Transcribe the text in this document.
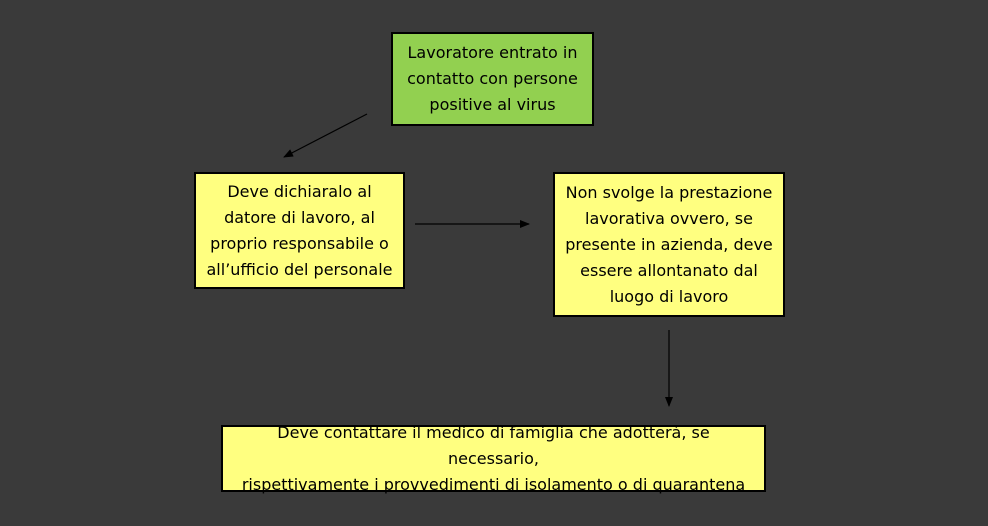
Lavoratore entrato in
contatto con persone
positive al virus
Deve dichiaralo al
datore di lavoro, al
proprio responsabile o
all’ufficio del personale
Non svolge la prestazione
lavorativa ovvero, se
presente in azienda, deve
essere allontanato dal
luogo di lavoro
Deve contattare il medico di famiglia che adotterà, se necessario,
rispettivamente i provvedimenti di isolamento o di quarantena
